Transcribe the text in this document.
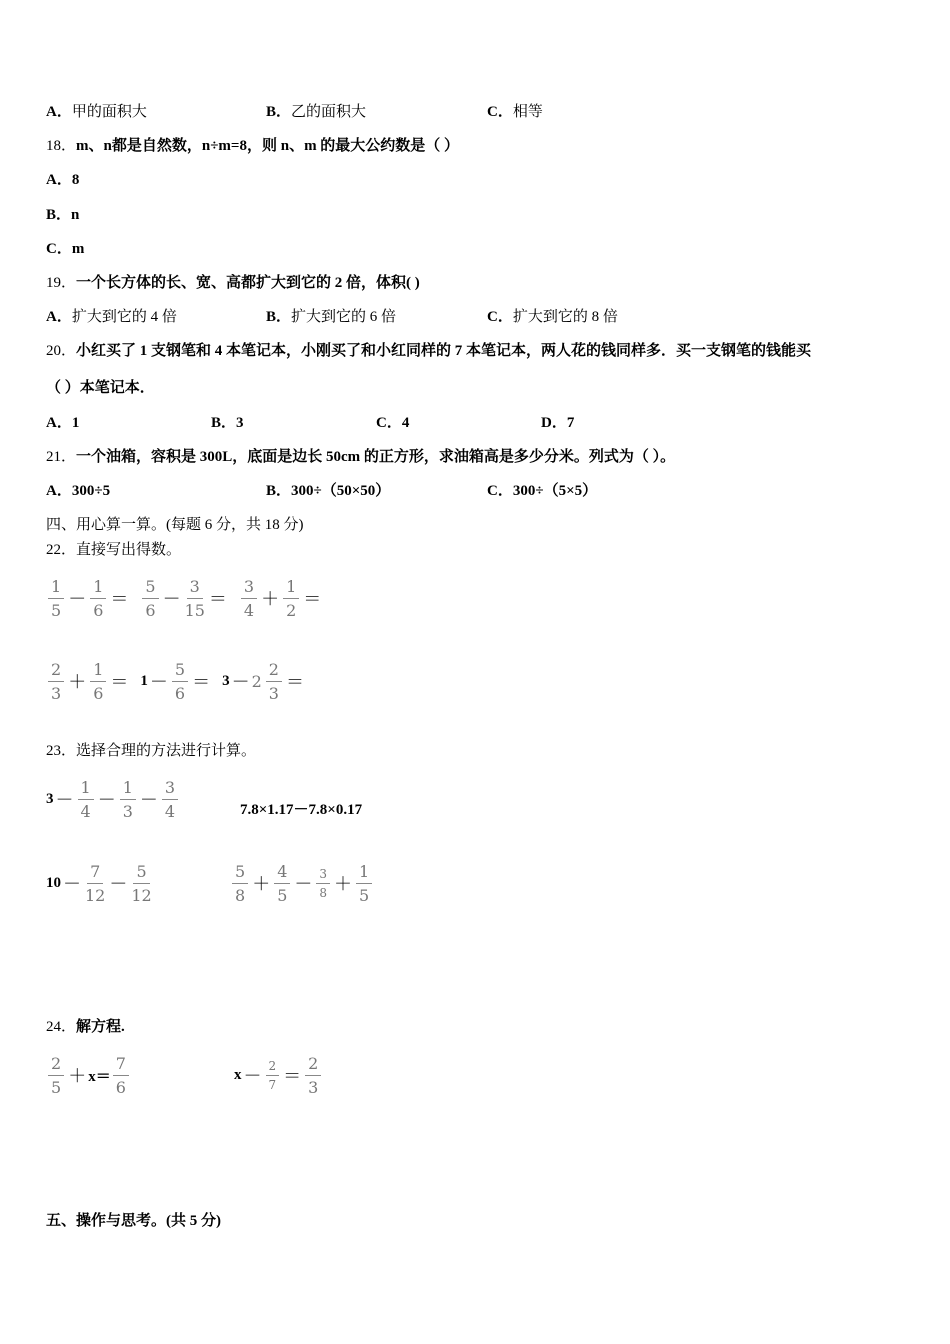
A．甲的面积大	B．乙的面积大	C．相等
18．m、n都是自然数，n÷m=8，则 n、m 的最大公约数是（ ）
A．8
B．n
C．m
19．一个长方体的长、宽、高都扩大到它的 2 倍，体积( )
A．扩大到它的 4 倍	B．扩大到它的 6 倍	C．扩大到它的 8 倍
20．小红买了 1 支钢笔和 4 本笔记本，小刚买了和小红同样的 7 本笔记本，两人花的钱同样多．买一支钢笔的钱能买
（ ）本笔记本．
A．1	B．3	C．4	D．7
21．一个油箱，容积是 300L，底面是边长 50cm 的正方形，求油箱高是多少分米。列式为（ ）。
A．300÷5	B．300÷（50×50）	C．300÷（5×5）
四、用心算一算。(每题 6 分，共 18 分)
22．直接写出得数。
$\frac{1}{5} - \frac{1}{6} = \frac{5}{6} - \frac{3}{15} = \frac{3}{4} + \frac{1}{2}$ ＝
$\frac{2}{3} + \frac{1}{6} = 1 - \frac{5}{6} = 3 - 2 \frac{2}{3}$ ＝
23．选择合理的方法进行计算。
$3 - \frac{1}{4} - \frac{1}{3} - \frac{3}{4}$	7.8×1.17－7.8×0.17
$10 - \frac{7}{12} - \frac{5}{12}$	$\frac{5}{8} + \frac{4}{5} - \frac{3}{8} + \frac{1}{5}$
24．解方程.
$\frac{2}{5} + x= \frac{7}{6}$	$x - \frac{2}{7} = \frac{2}{3}$
五、操作与思考。(共 5 分)
